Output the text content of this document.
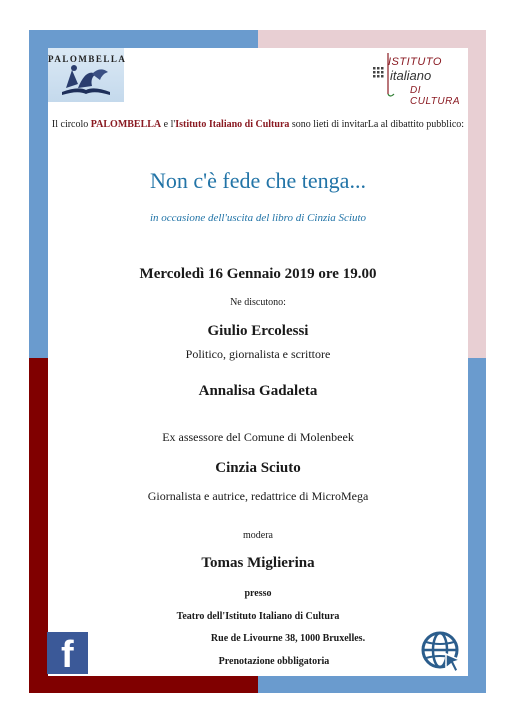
PALOMBELLA	ISTITUTO
italiano
DI CULTURA
Il circolo PALOMBELLA e l'Istituto Italiano di Cultura sono lieti di invitarLa al dibattito pubblico:
Non c'è fede che tenga...
in occasione dell'uscita del libro di Cinzia Sciuto
Mercoledì 16 Gennaio 2019 ore 19.00
Ne discutono:
Giulio Ercolessi
Politico, giornalista e scrittore
Annalisa Gadaleta
Ex assessore del Comune di Molenbeek
Cinzia Sciuto
Giornalista e autrice, redattrice di MicroMega
modera
Tomas Miglierina
presso
Teatro dell'Istituto Italiano di Cultura
Rue de Livourne 38, 1000 Bruxelles.
Prenotazione obbligatoria
f
